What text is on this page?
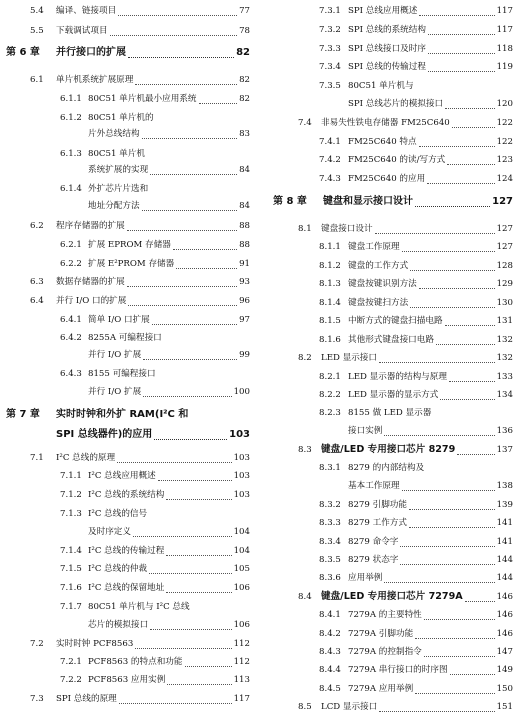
5.4 编译、链接项目	77
5.5 下载调试项目	78
第 6 章 并行接口的扩展	82
6.1 单片机系统扩展原理	82
6.1.1 80C51 单片机最小应用系统	82
6.1.2 80C51 单片机的
片外总线结构	83
6.1.3 80C51 单片机
系统扩展的实现	84
6.1.4 外扩芯片片选和
地址分配方法	84
6.2 程序存储器的扩展	88
6.2.1 扩展 EPROM 存储器	88
6.2.2 扩展 E²PROM 存储器	91
6.3 数据存储器的扩展	93
6.4 并行 I/O 口的扩展	96
6.4.1 简单 I/O 口扩展	97
6.4.2 8255A 可编程接口
并行 I/O 扩展	99
6.4.3 8155 可编程接口
并行 I/O 扩展	100
第 7 章 实时时钟和外扩 RAM(I²C 和
SPI 总线器件)的应用	103
7.1 I²C 总线的原理	103
7.1.1 I²C 总线应用概述	103
7.1.2 I²C 总线的系统结构	103
7.1.3 I²C 总线的信号
及时序定义	104
7.1.4 I²C 总线的传输过程	104
7.1.5 I²C 总线的仲裁	105
7.1.6 I²C 总线的保留地址	106
7.1.7 80C51 单片机与 I²C 总线
芯片的模拟接口	106
7.2 实时时钟 PCF8563	112
7.2.1 PCF8563 的特点和功能	112
7.2.2 PCF8563 应用实例	113
7.3 SPI 总线的原理	117
7.3.1 SPI 总线应用概述	117
7.3.2 SPI 总线的系统结构	117
7.3.3 SPI 总线接口及时序	118
7.3.4 SPI 总线的传输过程	119
7.3.5 80C51 单片机与
SPI 总线芯片的模拟接口	120
7.4 非易失性铁电存储器 FM25C640	122
7.4.1 FM25C640 特点	122
7.4.2 FM25C640 的读/写方式	123
7.4.3 FM25C640 的应用	124
第 8 章 键盘和显示接口设计	127
8.1 键盘接口设计	127
8.1.1 键盘工作原理	127
8.1.2 键盘的工作方式	128
8.1.3 键盘按键识别方法	129
8.1.4 键盘按键扫方法	130
8.1.5 中断方式的键盘扫描电路	131
8.1.6 其他形式键盘接口电路	132
8.2 LED 显示接口	132
8.2.1 LED 显示器的结构与原理	133
8.2.2 LED 显示器的显示方式	134
8.2.3 8155 做 LED 显示器
接口实例	136
8.3 键盘/LED 专用接口芯片 8279	137
8.3.1 8279 的内部结构及
基本工作原理	138
8.3.2 8279 引脚功能	139
8.3.3 8279 工作方式	141
8.3.4 8279 命令字	141
8.3.5 8279 状态字	144
8.3.6 应用举例	144
8.4 键盘/LED 专用接口芯片 7279A	146
8.4.1 7279A 的主要特性	146
8.4.2 7279A 引脚功能	146
8.4.3 7279A 的控制指令	147
8.4.4 7279A 串行接口的时序图	149
8.4.5 7279A 应用举例	150
8.5 LCD 显示接口	151
